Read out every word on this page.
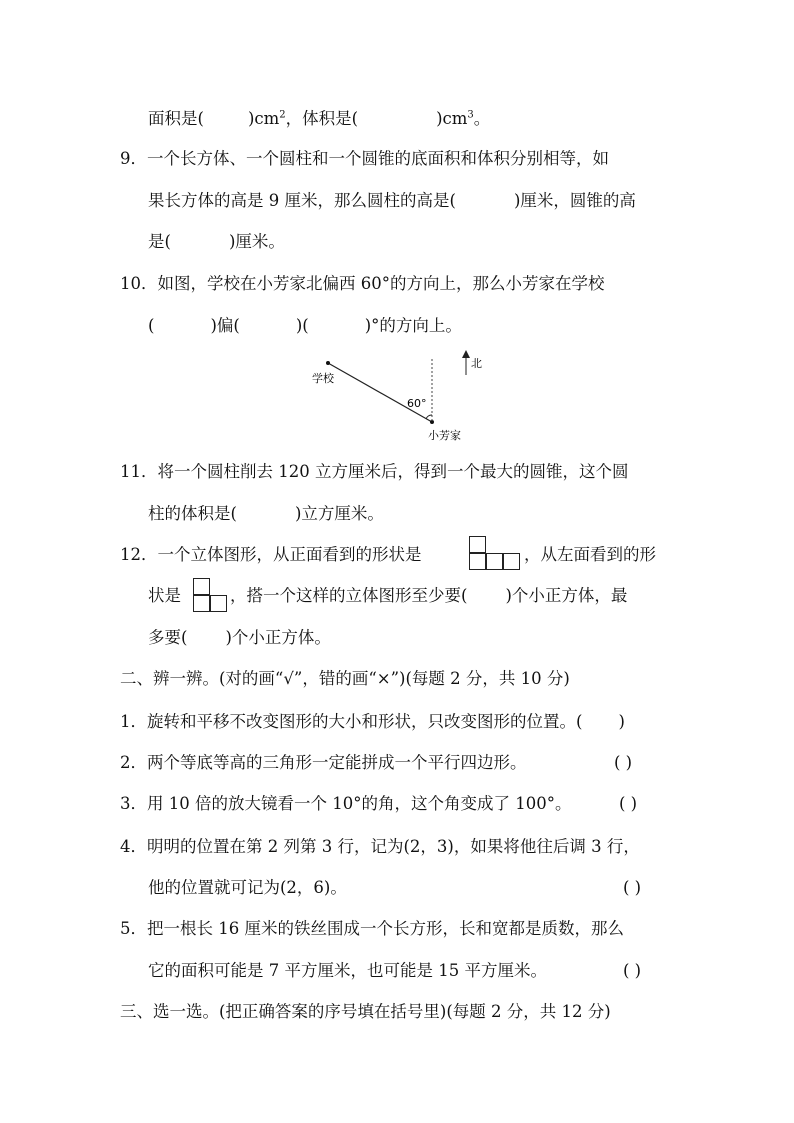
面积是(	)$cm^2$，体积是(	)$cm^3$。
9．一个长方体、一个圆柱和一个圆锥的底面积和体积分别相等，如
果长方体的高是 9 厘米，那么圆柱的高是(	)厘米，圆锥的高
是(	)厘米。
10．如图，学校在小芳家北偏西 60°的方向上，那么小芳家在学校
(	)偏(	)(	)°的方向上。
学校
60°
小芳家
北
11．将一个圆柱削去 120 立方厘米后，得到一个最大的圆锥，这个圆
柱的体积是(	)立方厘米。
12．一个立体图形，从正面看到的形状是	，从左面看到的形
状是	，搭一个这样的立体图形至少要( )个小正方体，最
多要( )个小正方体。
二、辨一辨。(对的画“√”，错的画“×”)(每题 2 分，共 10 分)
1．旋转和平移不改变图形的大小和形状，只改变图形的位置。( )
2．两个等底等高的三角形一定能拼成一个平行四边形。	( )
3．用 10 倍的放大镜看一个 10°的角，这个角变成了 100°。	( )
4．明明的位置在第 2 列第 3 行，记为(2，3)，如果将他往后调 3 行，
他的位置就可记为(2，6)。	( )
5．把一根长 16 厘米的铁丝围成一个长方形，长和宽都是质数，那么
它的面积可能是 7 平方厘米，也可能是 15 平方厘米。	( )
三、选一选。(把正确答案的序号填在括号里)(每题 2 分，共 12 分)
